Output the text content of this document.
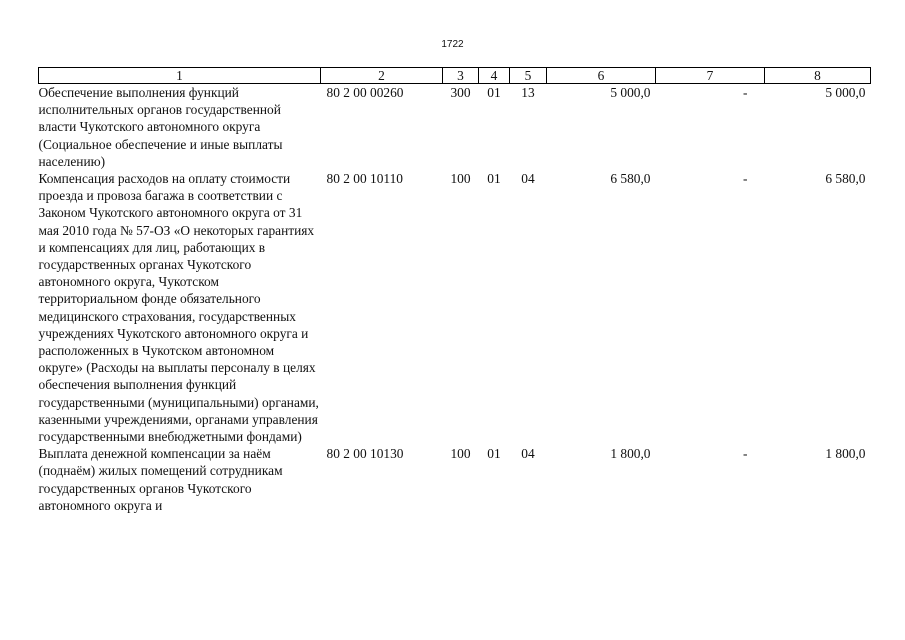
1722
1	2	3	4	5	6	7	8
Обеспечение выполнения функций исполнительных органов государственной власти Чукотского автономного округа (Социальное обеспечение и иные выплаты населению)	80 2 00 00260	300	01	13	5 000,0	-	5 000,0
Компенсация расходов на оплату стоимости проезда и провоза багажа в соответствии с Законом Чукотского автономного округа от 31 мая 2010 года № 57-ОЗ «О некоторых гарантиях и компенсациях для лиц, работающих в государственных органах Чукотского автономного округа, Чукотском территориальном фонде обязательного медицинского страхования, государственных учреждениях Чукотского автономного округа и расположенных в Чукотском автономном округе» (Расходы на выплаты персоналу в целях обеспечения выполнения функций государственными (муниципальными) органами, казенными учреждениями, органами управления государственными внебюджетными фондами)	80 2 00 10110	100	01	04	6 580,0	-	6 580,0
Выплата денежной компенсации за наём (поднаём) жилых помещений сотрудникам государственных органов Чукотского автономного округа и	80 2 00 10130	100	01	04	1 800,0	-	1 800,0
